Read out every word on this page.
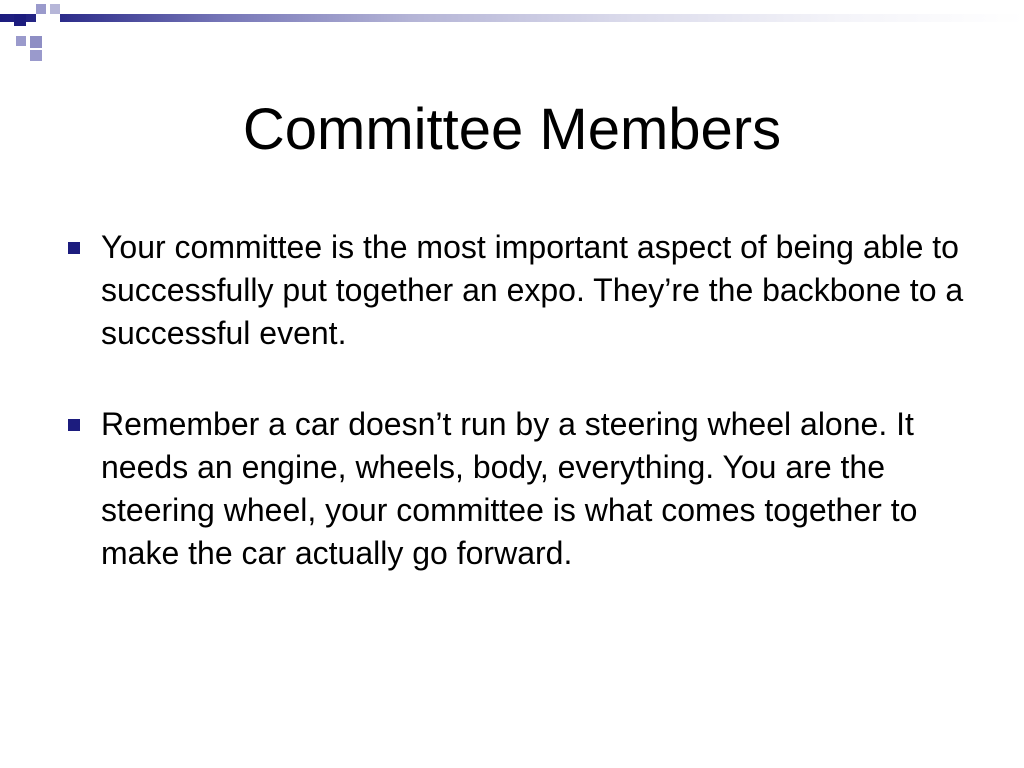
Committee Members
Your committee is the most important aspect of being able to successfully put together an expo. They’re the backbone to a successful event.
Remember a car doesn’t run by a steering wheel alone. It needs an engine, wheels, body, everything. You are the steering wheel, your committee is what comes together to make the car actually go forward.
